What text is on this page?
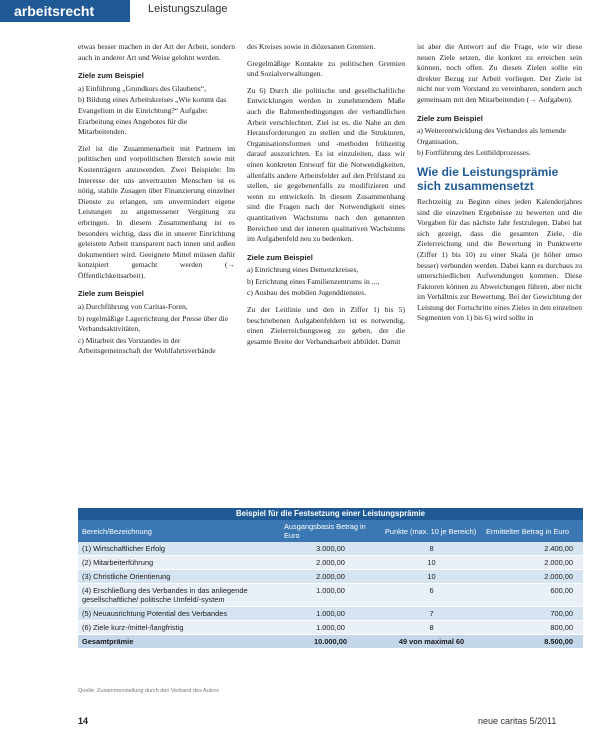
arbeitsrecht	Leistungszulage

etwas besser machen in der Art der Arbeit, sondern auch in anderer Art und Weise gelohnt werden.

Ziele zum Beispiel
a) Einführung „Grundkurs des Glaubens“,
b) Bildung eines Arbeitskreises „Wie kommt das Evangelium in die Einrichtung?“ Aufgabe: Erarbeitung eines Angebotes für die Mitarbeitenden.

Ziel ist die Zusammenarbeit mit Partnern im politischen und vorpolitischen Bereich sowie mit Kostenträgern anzuwenden. Zwei Beispiele: Im Interesse der uns anvertrauten Menschen ist es nötig, stabile Zusagen über Finanzierung einzelner Dienste zu erlangen, um unvermindert eigene Leistungen zu angemessener Vergütung zu erbringen. In diesem Zusammenhang ist es besonders wichtig, dass die in unserer Einrichtung geleistete Arbeit transparent nach innen und außen dokumentiert wird. Geeignete Mittel müssen dafür konzipiert gemacht werden (→ Öffentlichkeitsarbeit).

Ziele zum Beispiel
a) Durchführung von Caritas-Foren,
b) regelmäßige Lagerrichtung der Presse über die Verbandsaktivitäten,
c) Mitarbeit des Vorstandes in der Arbeitsgemeinschaft der Wohlfahrtsverbände

des Kreises sowie in diözesanen Gremien.

Gregelmäßige Kontakte zu politischen Gremien und Sozialverwaltungen.

Zu 6) Durch die politische und gesellschaftliche Entwicklungen werden in zunehmendem Maße auch die Rahmenbedingungen der verbandlichen Arbeit verschlechtert. Ziel ist es, die Nahe an den Herausforderungen zu stellen und die Strukturen, Organisationsformen und -methoden frühzeitig darauf auszurichten. Es ist einzuleiten, dass wir einen konkreten Entwurf für die Notwendigkeiten, allenfalls andere Arbeitsfelder auf den Prüfstand zu stellen, sie gegebenenfalls zu modifizieren und wenn zu entwickeln. In diesem Zusammenhang sind die Fragen nach der Notwendigkeit eines quantitativen Wachstums nach den genannten Bereichen und der inneren qualitativen Wachstums im Aufgabenfeld neu zu bedenken.

Ziele zum Beispiel
a) Einrichtung eines Demenzkreises,
b) Errichtung eines Familienzentrums in ...,
c) Ausbau des mobilen Jugenddienstes.

Zu der Leitlinie und den in Ziffer 1) bis 5) beschriebenen Aufgabenfeldern ist es notwendig, einen Zielerreichungsweg zu geben, der die gesamte Breite der Verbandsarbeit abbildet. Damit

ist aber die Antwort auf die Frage, wie wir diese neuen Ziele setzen, die konkret zu erreichen sein können, noch offen. Zu diesen Zielen sollte ein direkter Bezug zur Arbeit vorliegen. Der Ziele ist nicht nur vom Vorstand zu vereinbaren, sondern auch gemeinsam mit den Mitarbeitenden (→ Aufgaben).

Ziele zum Beispiel
a) Weiterentwicklung des Verbandes als lernende Organisation,
b) Fortführung des Leitbildprozesses.
Wie die Leistungsprämie sich zusammensetzt

Rechtzeitig zu Beginn eines jeden Kalenderjahres sind die einzelnen Ergebnisse zu bewerten und die Vorgaben für das nächste Jahr festzulegen. Dabei hat sich gezeigt, dass die gesamten Ziele, die Zielerreichung und die Bewertung in Punktwerte (Ziffer 1) bis 10) zu einer Skala (je höher umso besser) verbunden werden. Dabei kann es durchaus zu unterschiedlichen Aufwendungen kommen. Diese Faktoren können zu Abweichungen führen, aber nicht im Verhältnis zur Bewertung. Bei der Gewichtung der Leistung der Fortschritte eines Zieles in den einzelnen Segmenten von 1) bis 6) wird sollte in

Beispiel für die Festsetzung einer Leistungsprämie
Bereich/Bezeichnung	Ausgangsbasis Betrag in Euro	Punkte (max. 10 je Bereich)	Ermittelter Betrag in Euro
(1) Wirtschaftlicher Erfolg	3.000,00	8	2.400,00
(2) Mitarbeiterführung	2.000,00	10	2.000,00
(3) Christliche Orientierung	2.000,00	10	2.000,00
(4) Erschließung des Verbandes in das anliegende gesellschaftliche/ politische Umfeld/-system	1.000,00	6	600,00
(5) Neuausrichtung Potential des Verbandes	1.000,00	7	700,00
(6) Ziele kurz-/mittel-/langfristig	1.000,00	8	800,00
Gesamtprämie	10.000,00	49 von maximal 60	8.500,00
Quelle: Zusammenstellung durch den Verband des Autors
14	neue caritas 5/2011
